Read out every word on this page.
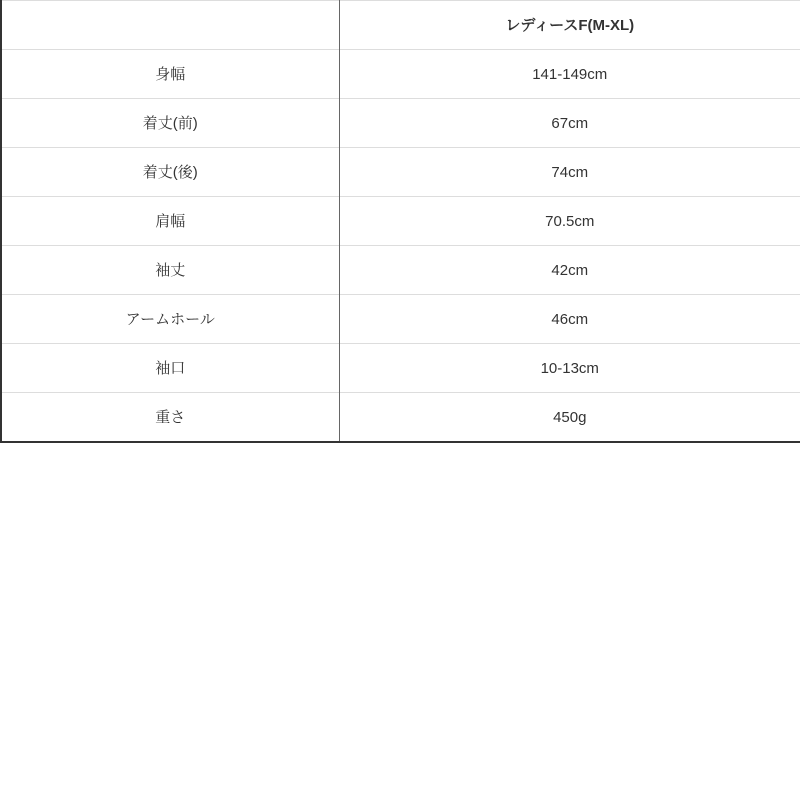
	レディースF(M-XL)
身幅	141-149cm
着丈(前)	67cm
着丈(後)	74cm
肩幅	70.5cm
袖丈	42cm
アームホール	46cm
袖口	10-13cm
重さ	450g
